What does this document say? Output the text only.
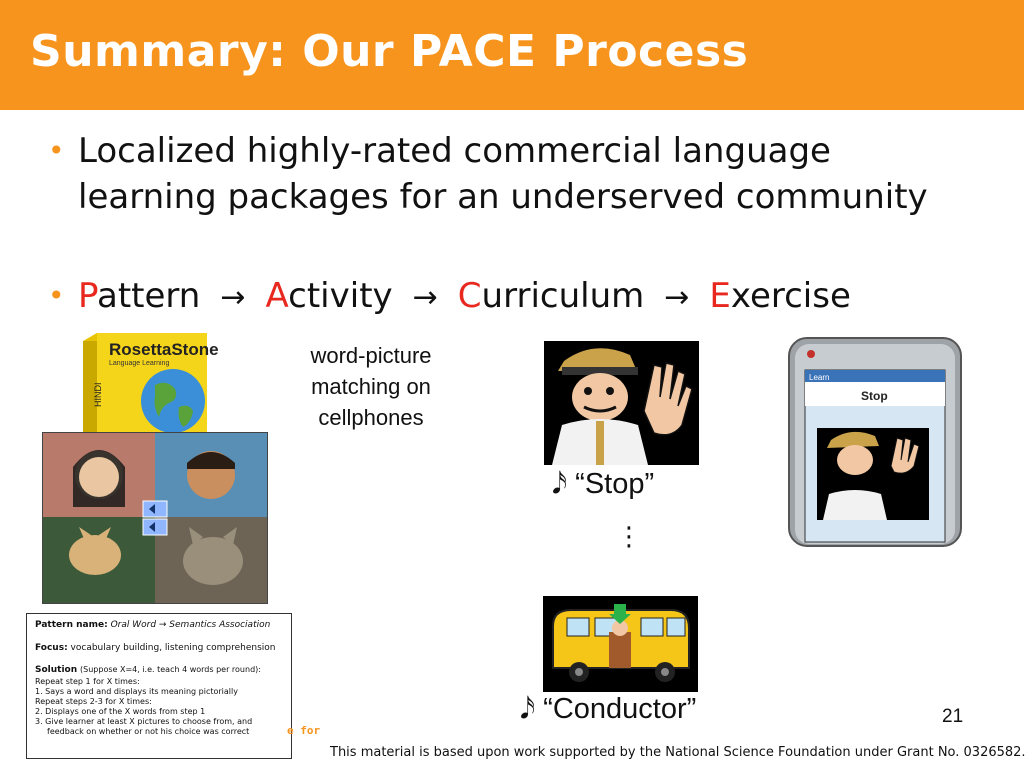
Summary: Our PACE Process
• Localized highly-rated commercial language
learning packages for an underserved community
• Pattern → Activity → Curriculum → Exercise
RosettaStone
Language Learning
HINDI
word-picture
matching on
cellphones
𝅘𝅥𝅯 “Stop”
⋮
𝅘𝅥𝅯 “Conductor”
Learn
Stop

Pattern name: Oral Word → Semantics Association

Focus: vocabulary building, listening comprehension

Solution (Suppose X=4, i.e. teach 4 words per round):

Repeat step 1 for X times:

1. Says a word and displays its meaning pictorially

Repeat steps 2-3 for X times:

2. Displays one of the X words from step 1

3. Give learner at least X pictures to choose from, and

feedback on whether or not his choice was correct	e for
21
This material is based upon work supported by the National Science Foundation under Grant No. 0326582.
